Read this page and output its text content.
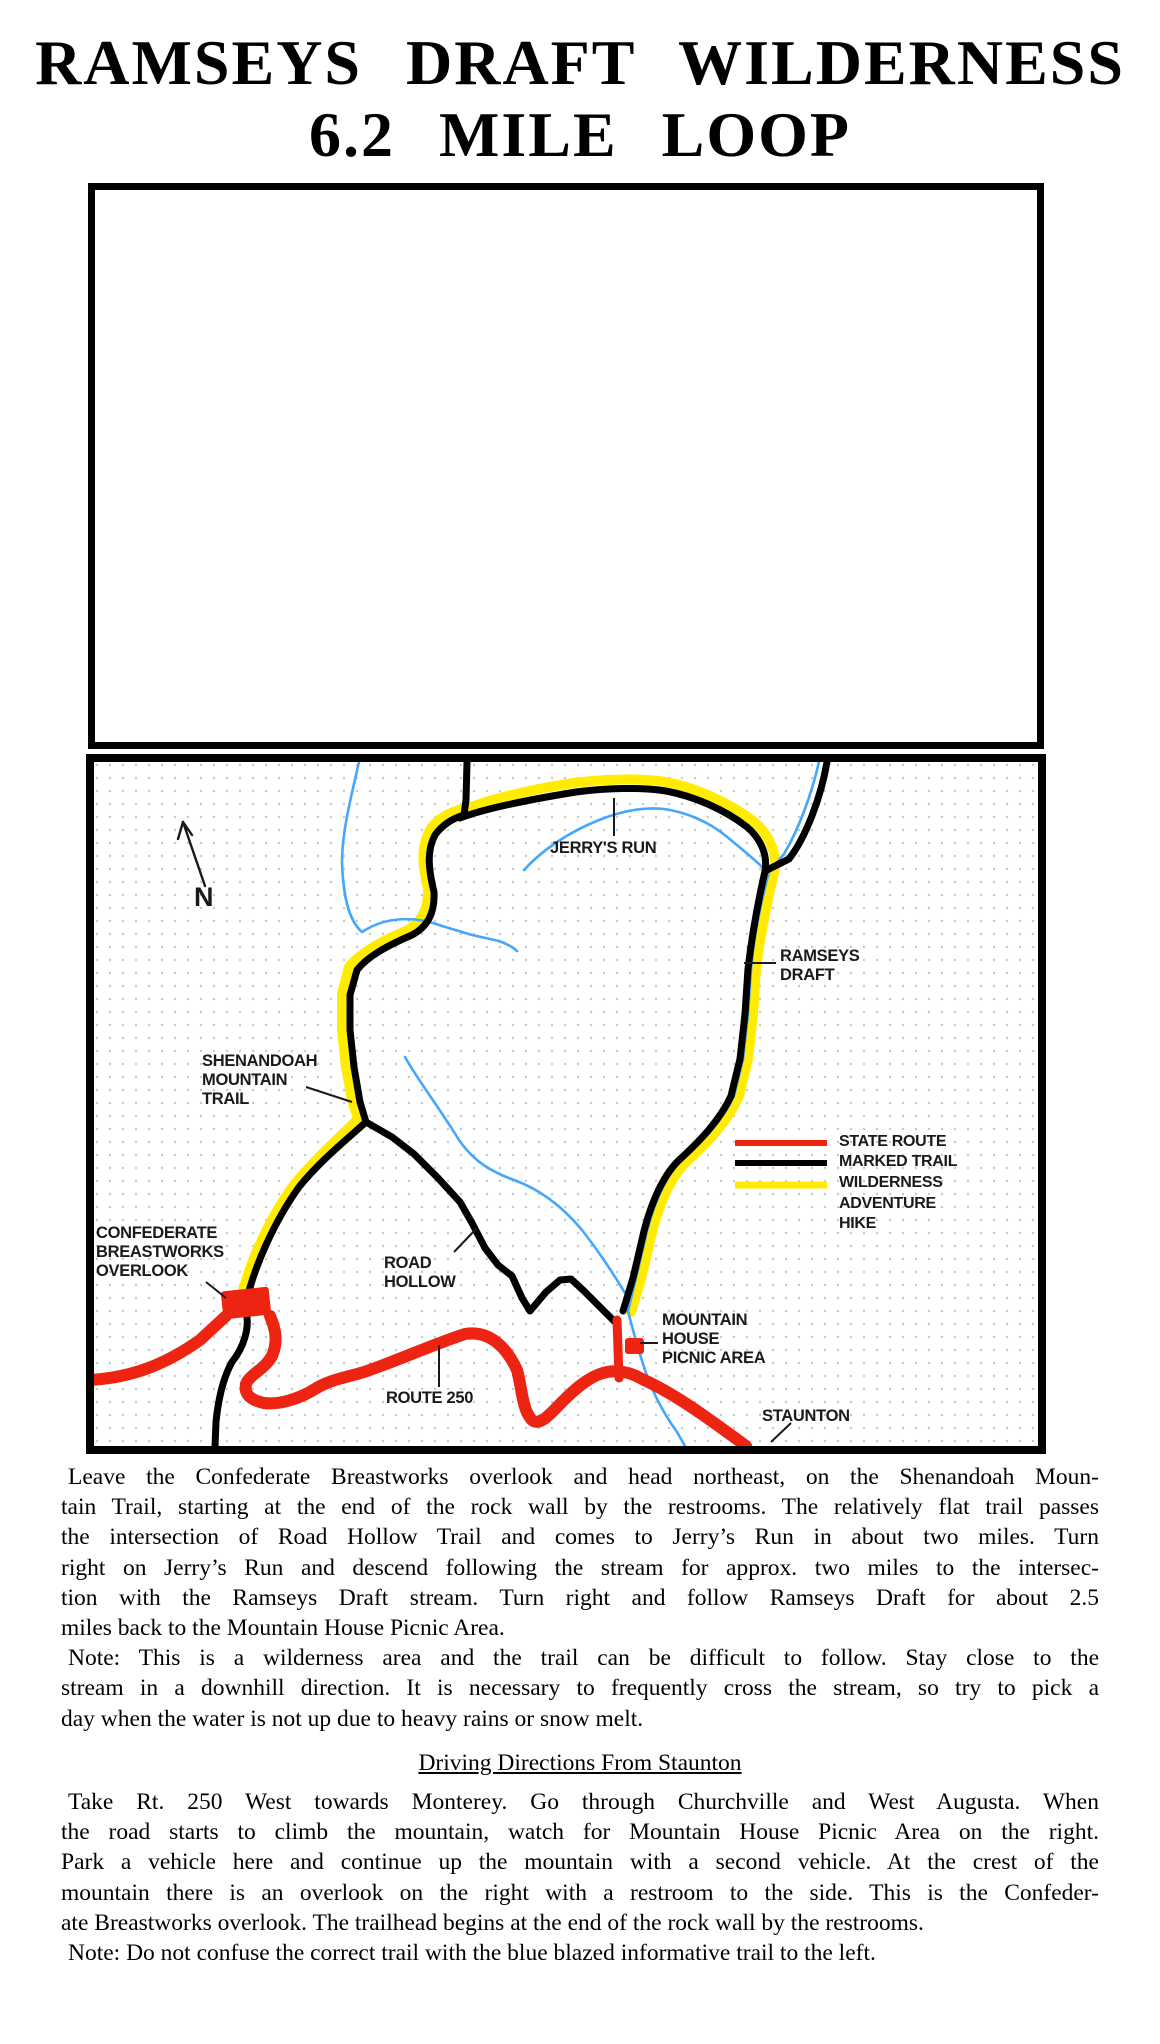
RAMSEYS DRAFT WILDERNESS
6.2 MILE LOOP
N
JERRY'S RUN
RAMSEYS
DRAFT
SHENANDOAH
MOUNTAIN
TRAIL
CONFEDERATE
BREASTWORKS
OVERLOOK	ROAD
HOLLOW
MOUNTAIN
HOUSE
PICNIC AREA
ROUTE 250
STAUNTON
STATE ROUTE
MARKED TRAIL
WILDERNESS
ADVENTURE
HIKE
Leave the Confederate Breastworks overlook and head northeast, on the Shenandoah Moun-
tain Trail, starting at the end of the rock wall by the restrooms. The relatively flat trail passes
the intersection of Road Hollow Trail and comes to Jerry’s Run in about two miles. Turn
right on Jerry’s Run and descend following the stream for approx. two miles to the intersec-
tion with the Ramseys Draft stream. Turn right and follow Ramseys Draft for about 2.5
miles back to the Mountain House Picnic Area.
Note: This is a wilderness area and the trail can be difficult to follow. Stay close to the
stream in a downhill direction. It is necessary to frequently cross the stream, so try to pick a
day when the water is not up due to heavy rains or snow melt.
Driving Directions From Staunton
Take Rt. 250 West towards Monterey. Go through Churchville and West Augusta. When
the road starts to climb the mountain, watch for Mountain House Picnic Area on the right.
Park a vehicle here and continue up the mountain with a second vehicle. At the crest of the
mountain there is an overlook on the right with a restroom to the side. This is the Confeder-
ate Breastworks overlook. The trailhead begins at the end of the rock wall by the restrooms.
Note: Do not confuse the correct trail with the blue blazed informative trail to the left.
